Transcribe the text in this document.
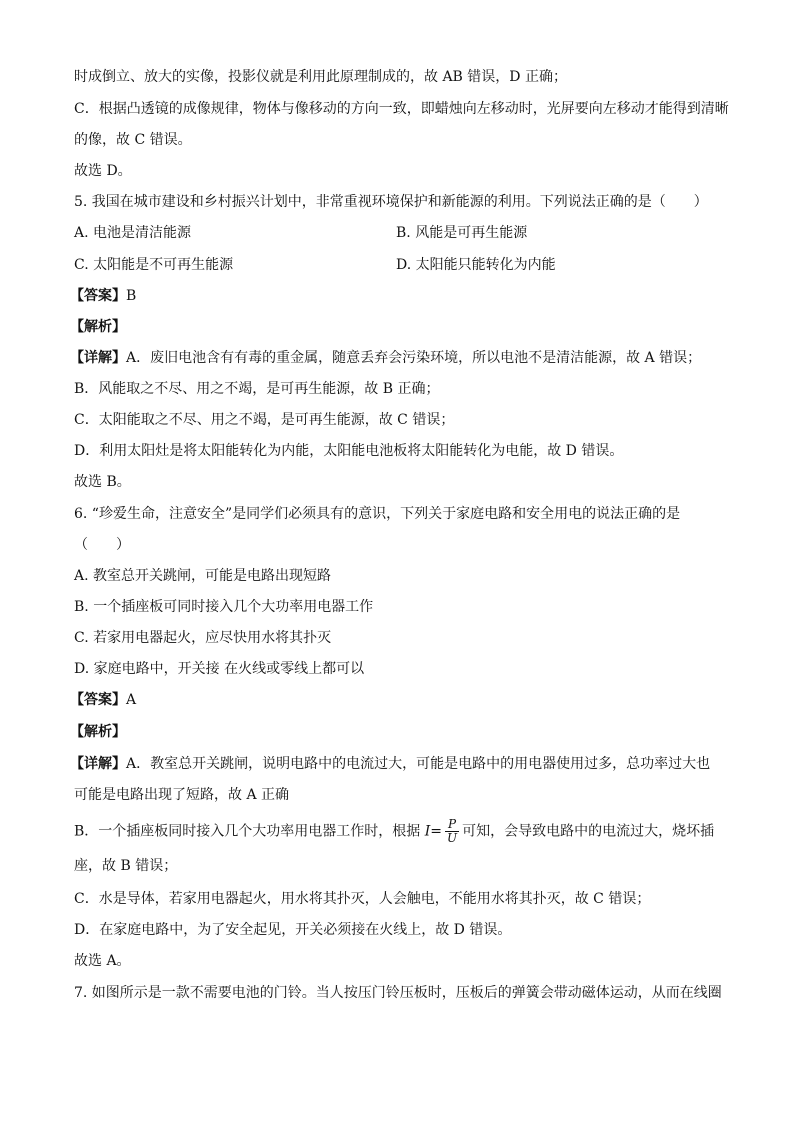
时成倒立、放大的实像，投影仪就是利用此原理制成的，故 AB 错误，D 正确；
C．根据凸透镜的成像规律，物体与像移动的方向一致，即蜡烛向左移动时，光屏要向左移动才能得到清晰
的像，故 C 错误。
故选 D。
5. 我国在城市建设和乡村振兴计划中，非常重视环境保护和新能源的利用。下列说法正确的是（　　）
A. 电池是清洁能源	B. 风能是可再生能源
C. 太阳能是不可再生能源	D. 太阳能只能转化为内能
【答案】B
【解析】
【详解】A．废旧电池含有有毒的重金属，随意丢弃会污染环境，所以电池不是清洁能源，故 A 错误；
B．风能取之不尽、用之不竭，是可再生能源，故 B 正确；
C．太阳能取之不尽、用之不竭，是可再生能源，故 C 错误；
D．利用太阳灶是将太阳能转化为内能，太阳能电池板将太阳能转化为电能，故 D 错误。
故选 B。
6. “珍爱生命，注意安全”是同学们必须具有的意识，下列关于家庭电路和安全用电的说法正确的是
（　　）
A. 教室总开关跳闸，可能是电路出现短路
B. 一个插座板可同时接入几个大功率用电器工作
C. 若家用电器起火，应尽快用水将其扑灭
D. 家庭电路中，开关接 在火线或零线上都可以
【答案】A
【解析】
【详解】A．教室总开关跳闸，说明电路中的电流过大，可能是电路中的用电器使用过多，总功率过大也
可能是电路出现了短路，故 A 正确
B．一个插座板同时接入几个大功率用电器工作时，根据 $I= \frac{P}{U}$ 可知，会导致电路中的电流过大，烧坏插
座，故 B 错误；
C．水是导体，若家用电器起火，用水将其扑灭，人会触电，不能用水将其扑灭，故 C 错误；
D．在家庭电路中，为了安全起见，开关必须接在火线上，故 D 错误。
故选 A。
7. 如图所示是一款不需要电池的门铃。当人按压门铃压板时，压板后的弹簧会带动磁体运动，从而在线圈
